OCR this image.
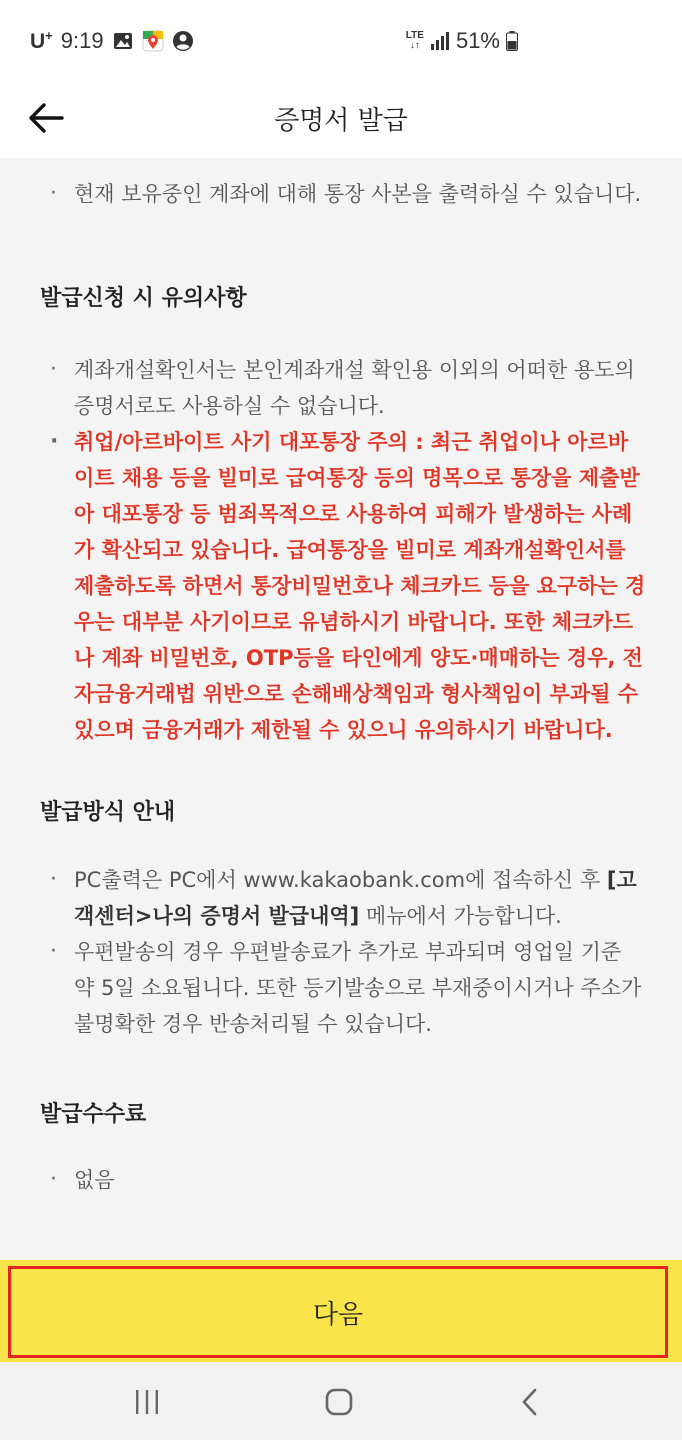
U+ 9:19	LTE
↓↑ 51%
증명서 발급
· 현재 보유중인 계좌에 대해 통장 사본을 출력하실 수 있습니다.
발급신청 시 유의사항
· 계좌개설확인서는 본인계좌개설 확인용 이외의 어떠한 용도의 증명서로도 사용하실 수 없습니다.
· 취업/아르바이트 사기 대포통장 주의 : 최근 취업이나 아르바이트 채용 등을 빌미로 급여통장 등의 명목으로 통장을 제출받아 대포통장 등 범죄목적으로 사용하여 피해가 발생하는 사례가 확산되고 있습니다. 급여통장을 빌미로 계좌개설확인서를 제출하도록 하면서 통장비밀번호나 체크카드 등을 요구하는 경우는 대부분 사기이므로 유념하시기 바랍니다. 또한 체크카드나 계좌 비밀번호, OTP등을 타인에게 양도·매매하는 경우, 전자금융거래법 위반으로 손해배상책임과 형사책임이 부과될 수 있으며 금융거래가 제한될 수 있으니 유의하시기 바랍니다.
발급방식 안내
· PC출력은 PC에서 www.kakaobank.com에 접속하신 후 [고객센터>나의 증명서 발급내역] 메뉴에서 가능합니다.
· 우편발송의 경우 우편발송료가 추가로 부과되며 영업일 기준 약 5일 소요됩니다. 또한 등기발송으로 부재중이시거나 주소가 불명확한 경우 반송처리될 수 있습니다.
발급수수료
· 없음
다음
